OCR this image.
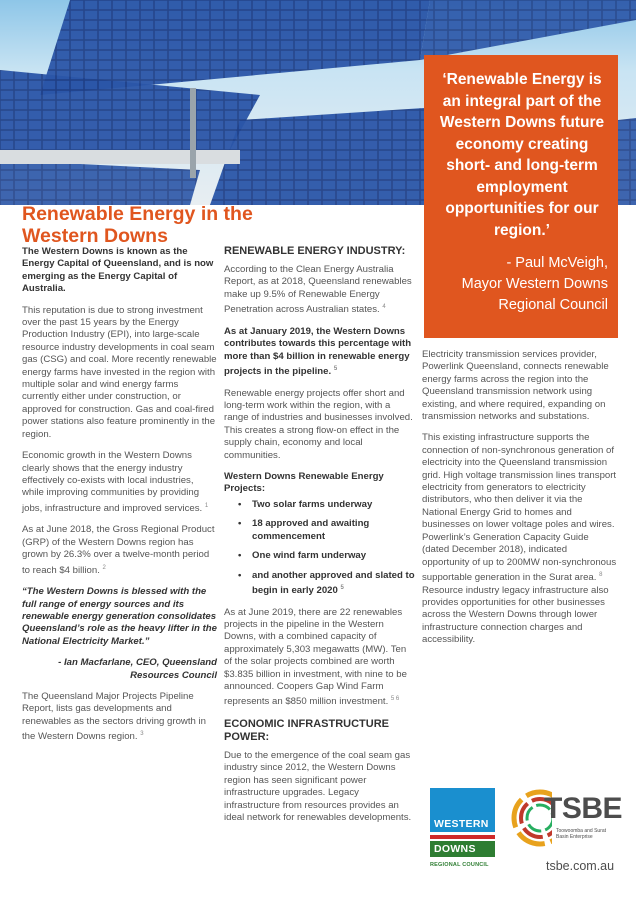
‘Renewable Energy is an integral part of the Western Downs future economy creating short- and long-term employment opportunities for our region.’
- Paul McVeigh,
Mayor Western Downs Regional Council
Renewable Energy in the Western Downs

The Western Downs is known as the Energy Capital of Queensland, and is now emerging as the Energy Capital of Australia.

This reputation is due to strong investment over the past 15 years by the Energy Production Industry (EPI), into large-scale resource industry developments in coal seam gas (CSG) and coal. More recently renewable energy farms have invested in the region with multiple solar and wind energy farms currently either under construction, or approved for construction. Gas and coal-fired power stations also feature prominently in the region.

Economic growth in the Western Downs clearly shows that the energy industry effectively co-exists with local industries, while improving communities by providing jobs, infrastructure and improved services. $^1$

As at June 2018, the Gross Regional Product (GRP) of the Western Downs region has grown by 26.3% over a twelve-month period to reach $4 billion. $^2$

“The Western Downs is blessed with the full range of energy sources and its renewable energy generation consolidates Queensland’s role as the heavy lifter in the National Electricity Market.”

- Ian Macfarlane, CEO, Queensland Resources Council

The Queensland Major Projects Pipeline Report, lists gas developments and renewables as the sectors driving growth in the Western Downs region. $^3$

RENEWABLE ENERGY INDUSTRY:

According to the Clean Energy Australia Report, as at 2018, Queensland renewables make up 9.5% of Renewable Energy Penetration across Australian states. $^4$

As at January 2019, the Western Downs contributes towards this percentage with more than $4 billion in renewable energy projects in the pipeline. $^5$

Renewable energy projects offer short and long-term work within the region, with a range of industries and businesses involved. This creates a strong flow-on effect in the supply chain, economy and local communities.

Western Downs Renewable Energy Projects:

• Two solar farms underway
• 18 approved and awaiting commencement
• One wind farm underway
• and another approved and slated to begin in early 2020 $^5$

As at June 2019, there are 22 renewables projects in the pipeline in the Western Downs, with a combined capacity of approximately 5,303 megawatts (MW). Ten of the solar projects combined are worth $3.835 billion in investment, with nine to be announced. Coopers Gap Wind Farm represents an $850 million investment. $^{5 6}$

ECONOMIC INFRASTRUCTURE POWER:

Due to the emergence of the coal seam gas industry since 2012, the Western Downs region has seen significant power infrastructure upgrades. Legacy infrastructure from resources provides an ideal network for renewables developments.

Electricity transmission services provider, Powerlink Queensland, connects renewable energy farms across the region into the Queensland transmission network using existing, and where required, expanding on transmission networks and substations.

This existing infrastructure supports the connection of non-synchronous generation of electricity into the Queensland transmission grid. High voltage transmission lines transport electricity from generators to electricity distributors, who then deliver it via the National Energy Grid to homes and businesses on lower voltage poles and wires. Powerlink’s Generation Capacity Guide (dated December 2018), indicated opportunity of up to 200MW non-synchronous supportable generation in the Surat area. $^8$ Resource industry legacy infrastructure also provides opportunities for other businesses across the Western Downs through lower infrastructure connection charges and accessibility.

WESTERN
DOWNS
REGIONAL COUNCIL
TSBE
Toowoomba and Surat Basin Enterprise
tsbe.com.au
